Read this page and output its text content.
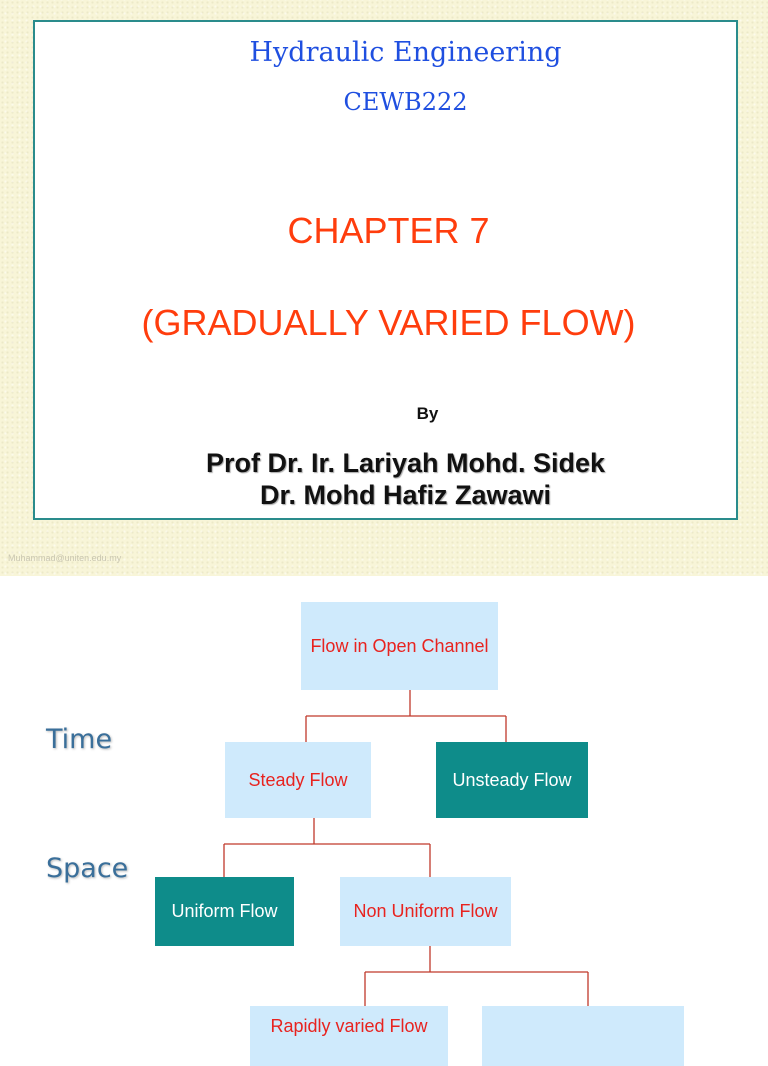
Hydraulic Engineering
CEWB222
CHAPTER 7
(GRADUALLY VARIED FLOW)
By
Prof Dr. Ir. Lariyah Mohd. Sidek
Dr. Mohd Hafiz Zawawi
Muhammad@uniten.edu.my
Time
Space
Flow in Open Channel
Steady Flow	Unsteady Flow
Uniform Flow	Non Uniform Flow
Rapidly varied Flow
